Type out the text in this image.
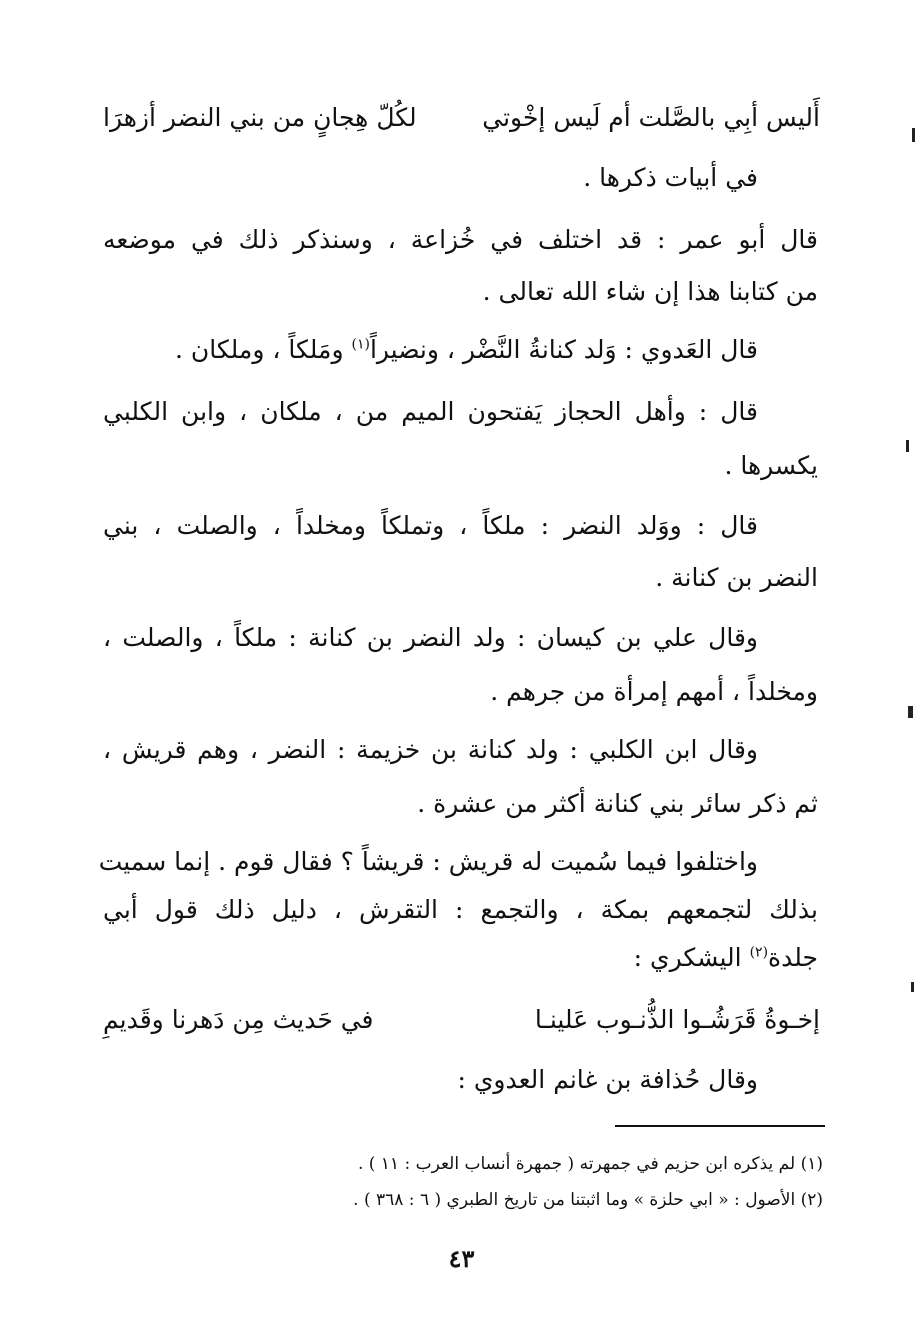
أَليس أبِي بالصَّلت أم لَيس إخْوتي
لكُلّ هِجانٍ من بني النضر أزهرَا
في أبيات ذكرها .
قال أبو عمر : قد اختلف في خُزاعة ، وسنذكر ذلك في موضعه
من كتابنا هذا إن شاء الله تعالى .
قال العَدوي : وَلد كنانةُ النَّضْر ، ونضيراً$^{(١)}$ ومَلكاً ، وملكان .
قال : وأهل الحجاز يَفتحون الميم من ، ملكان ، وابن الكلبي
يكسرها .
قال : ووَلد النضر : ملكاً ، وتملكاً ومخلداً ، والصلت ، بني
النضر بن كنانة .
وقال علي بن كيسان : ولد النضر بن كنانة : ملكاً ، والصلت ،
ومخلداً ، أمهم إمرأة من جرهم .
وقال ابن الكلبي : ولد كنانة بن خزيمة : النضر ، وهم قريش ،
ثم ذكر سائر بني كنانة أكثر من عشرة .
واختلفوا فيما سُميت له قريش : قريشاً ؟ فقال قوم . إنما سميت
بذلك لتجمعهم بمكة ، والتجمع : التقرش ، دليل ذلك قول أبي
جلدة$^{(٢)}$ اليشكري :
إخـوةُ قَرَشُـوا الذُّنـوب عَلينـا
في حَديث مِن دَهرنا وقَديمِ
وقال حُذافة بن غانم العدوي :
(١) لم يذكره ابن حزيم في جمهرته ( جمهرة أنساب العرب : ١١ ) .
(٢) الأصول : « ابي حلزة » وما اثبتنا من تاريخ الطبري ( ٦ : ٣٦٨ ) .
٤٣
